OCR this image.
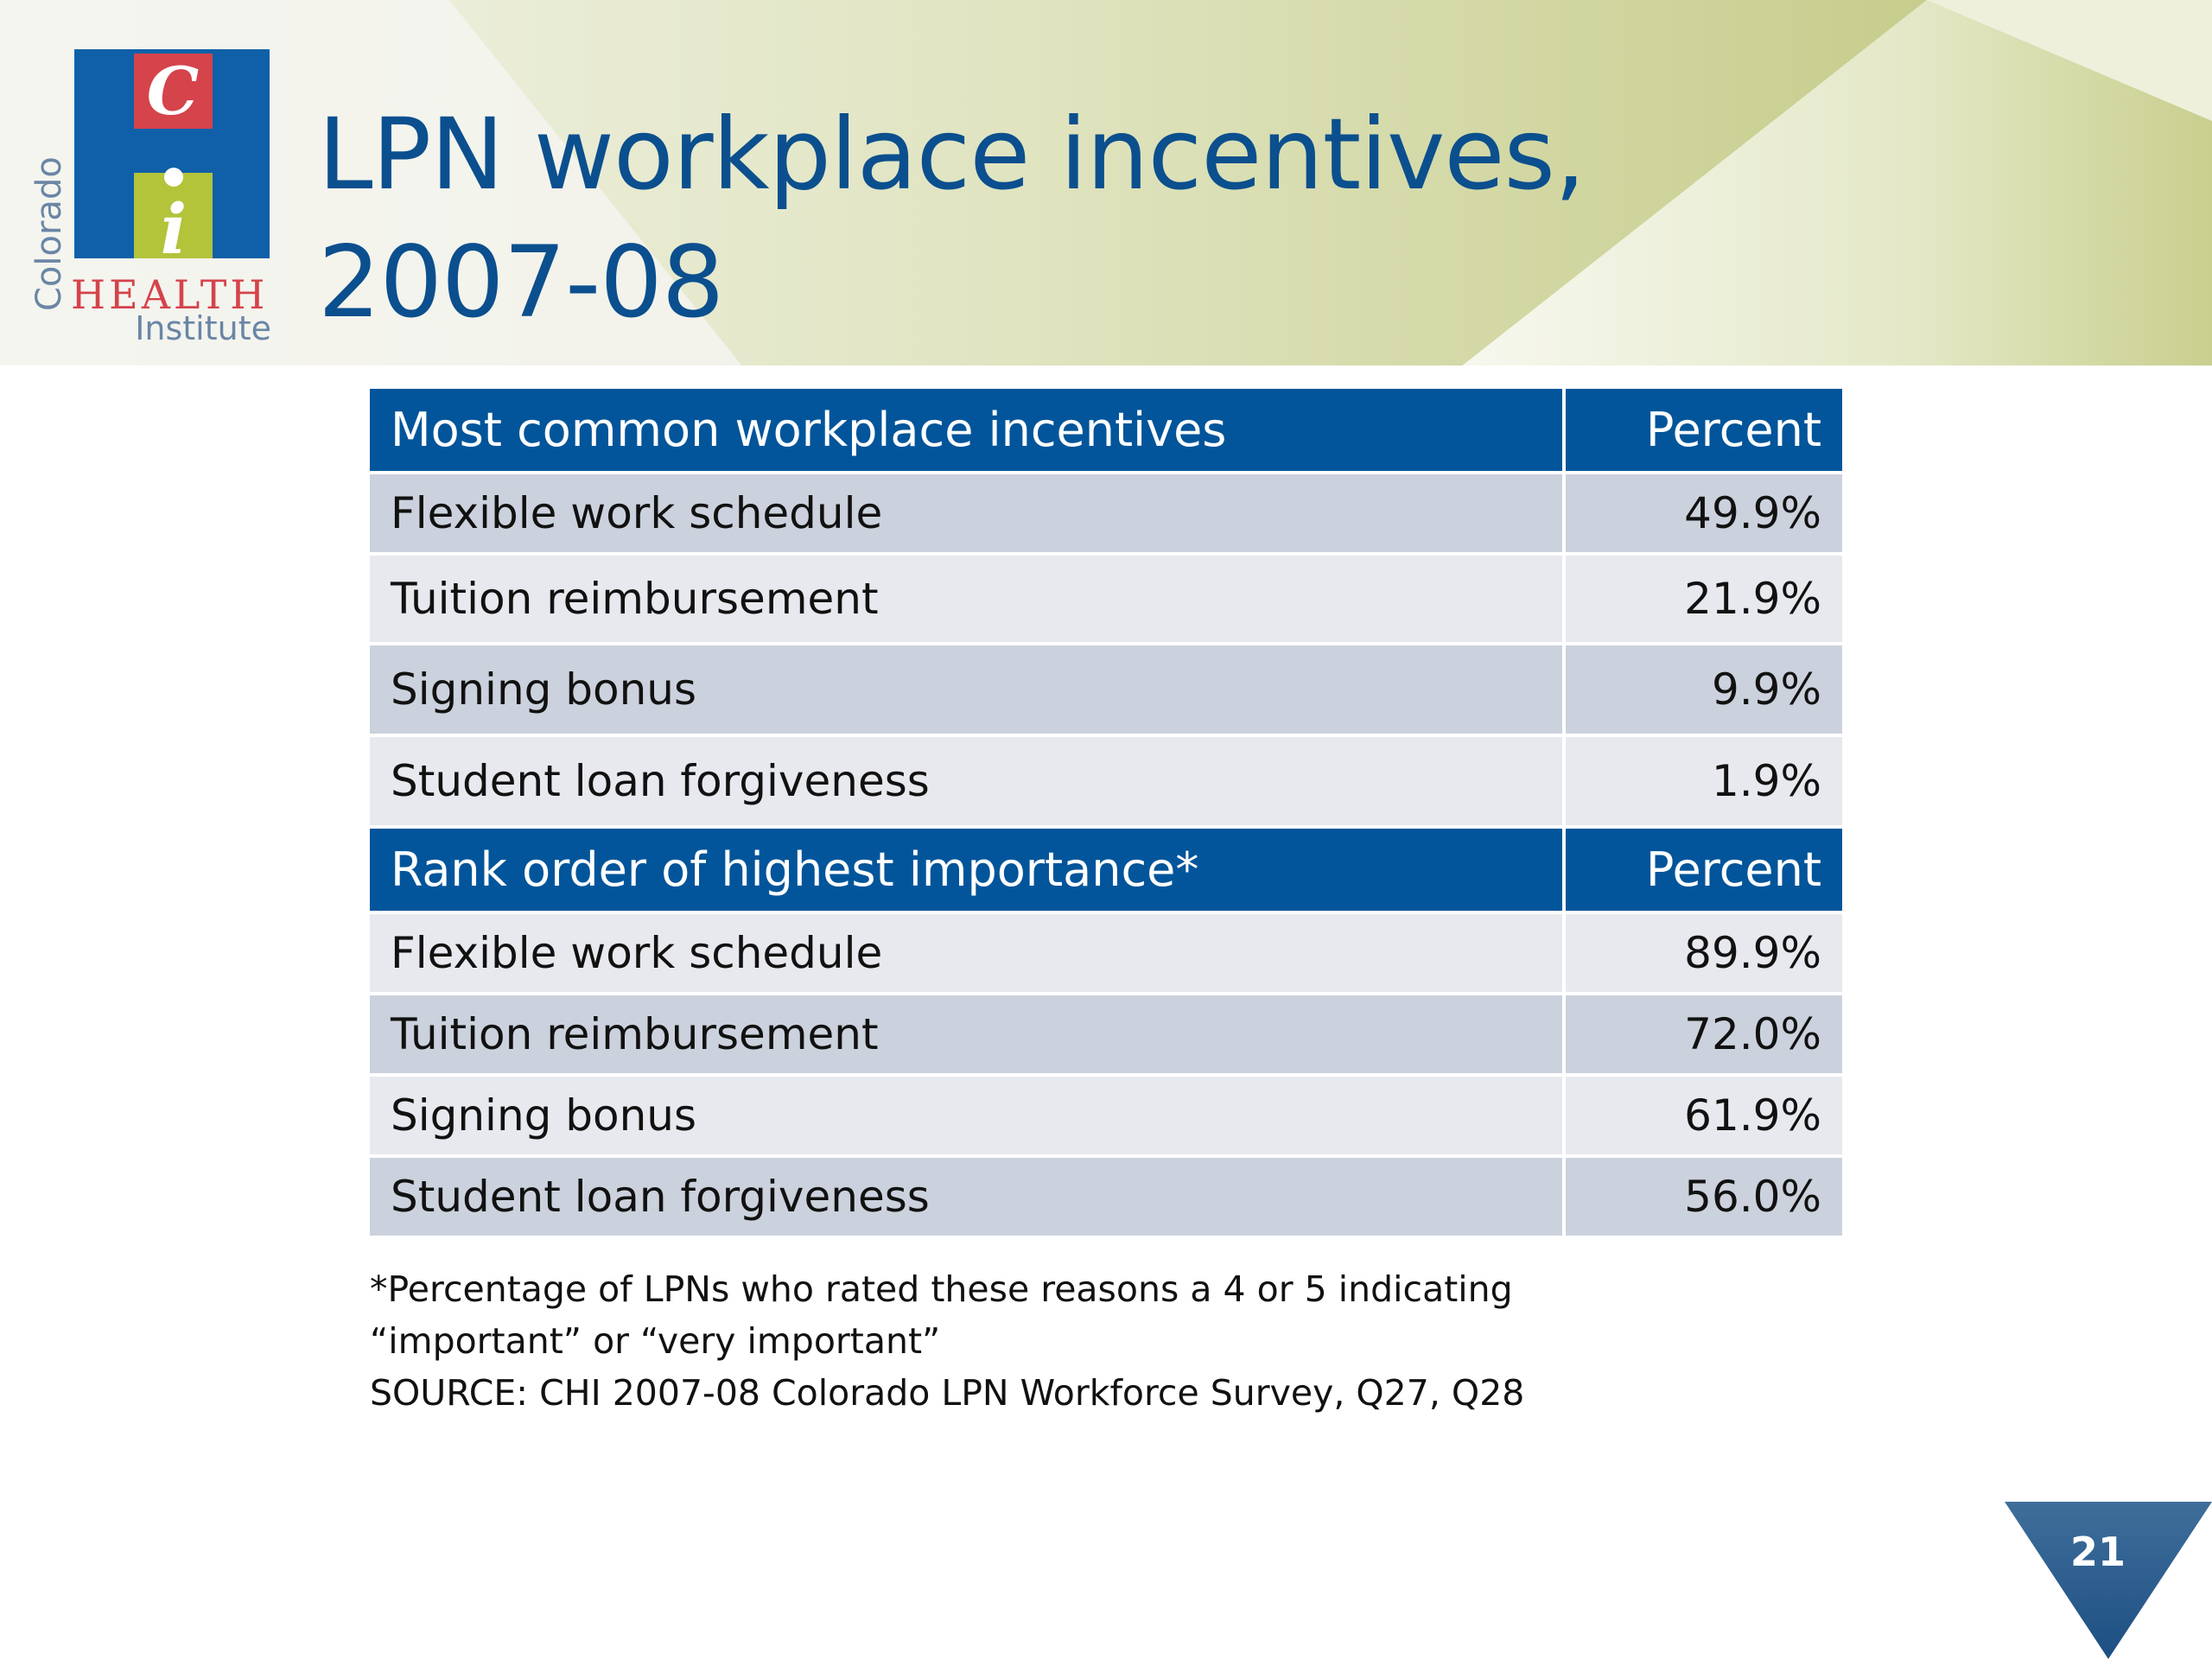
C
i
Colorado HEALTH
Institute
LPN workplace incentives,
2007-08
Most common workplace incentives	Percent
Flexible work schedule	49.9%
Tuition reimbursement	21.9%
Signing bonus	9.9%
Student loan forgiveness	1.9%
Rank order of highest importance*	Percent
Flexible work schedule	89.9%
Tuition reimbursement	72.0%
Signing bonus	61.9%
Student loan forgiveness	56.0%
*Percentage of LPNs who rated these reasons a 4 or 5 indicating
“important” or “very important”
SOURCE: CHI 2007-08 Colorado LPN Workforce Survey, Q27, Q28
21
